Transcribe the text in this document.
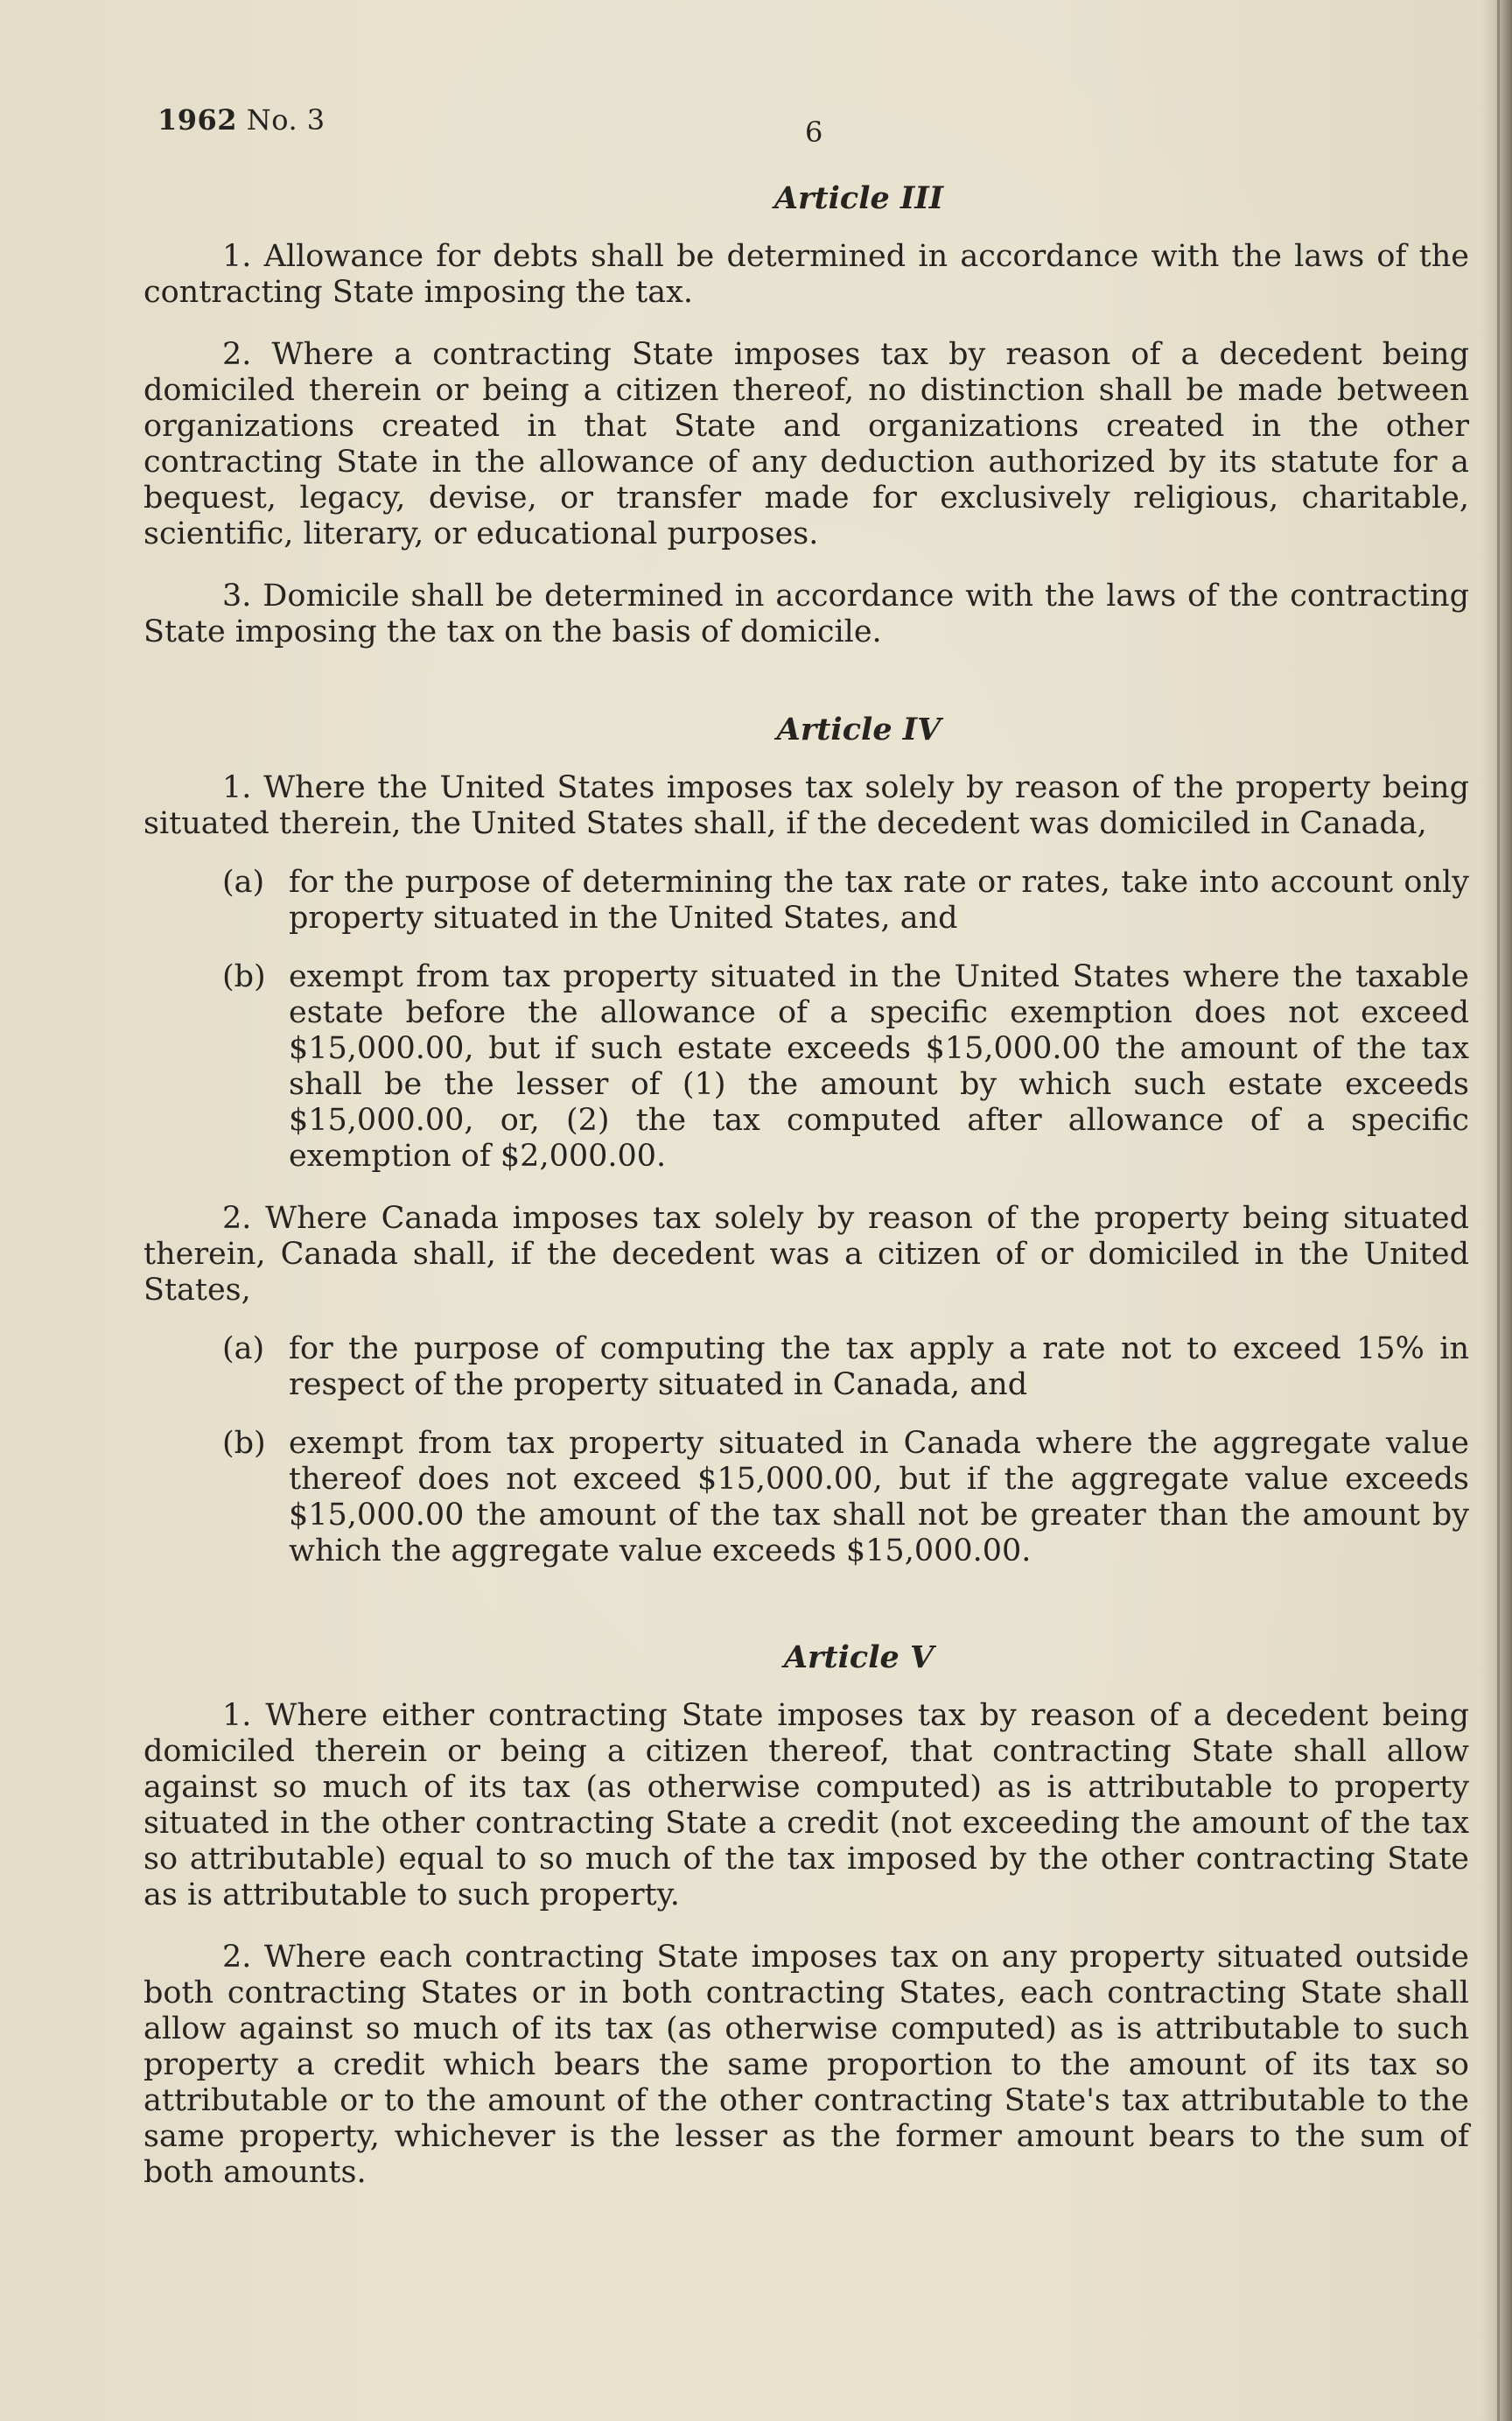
1962 No. 3	6
Article III

1. Allowance for debts shall be determined in accordance with the laws of the contracting State imposing the tax.

2. Where a contracting State imposes tax by reason of a decedent being domiciled therein or being a citizen thereof, no distinction shall be made between organizations created in that State and organizations created in the other contracting State in the allowance of any deduction authorized by its statute for a bequest, legacy, devise, or transfer made for exclusively religious, charitable, scientific, literary, or educational purposes.

3. Domicile shall be determined in accordance with the laws of the contracting State imposing the tax on the basis of domicile.

Article IV

1. Where the United States imposes tax solely by reason of the property being situated therein, the United States shall, if the decedent was domiciled in Canada,

(a) for the purpose of determining the tax rate or rates, take into account only property situated in the United States, and
(b) exempt from tax property situated in the United States where the taxable estate before the allowance of a specific exemption does not exceed $15,000.00, but if such estate exceeds $15,000.00 the amount of the tax shall be the lesser of (1) the amount by which such estate exceeds $15,000.00, or, (2) the tax computed after allowance of a specific exemption of $2,000.00.

2. Where Canada imposes tax solely by reason of the property being situated therein, Canada shall, if the decedent was a citizen of or domiciled in the United States,

(a) for the purpose of computing the tax apply a rate not to exceed 15% in respect of the property situated in Canada, and
(b) exempt from tax property situated in Canada where the aggregate value thereof does not exceed $15,000.00, but if the aggregate value exceeds $15,000.00 the amount of the tax shall not be greater than the amount by which the aggregate value exceeds $15,000.00.
Article V

1. Where either contracting State imposes tax by reason of a decedent being domiciled therein or being a citizen thereof, that contracting State shall allow against so much of its tax (as otherwise computed) as is attributable to property situated in the other contracting State a credit (not exceeding the amount of the tax so attributable) equal to so much of the tax imposed by the other contracting State as is attributable to such property.

2. Where each contracting State imposes tax on any property situated outside both contracting States or in both contracting States, each contracting State shall allow against so much of its tax (as otherwise computed) as is attributable to such property a credit which bears the same proportion to the amount of its tax so attributable or to the amount of the other contracting State's tax attributable to the same property, whichever is the lesser as the former amount bears to the sum of both amounts.
